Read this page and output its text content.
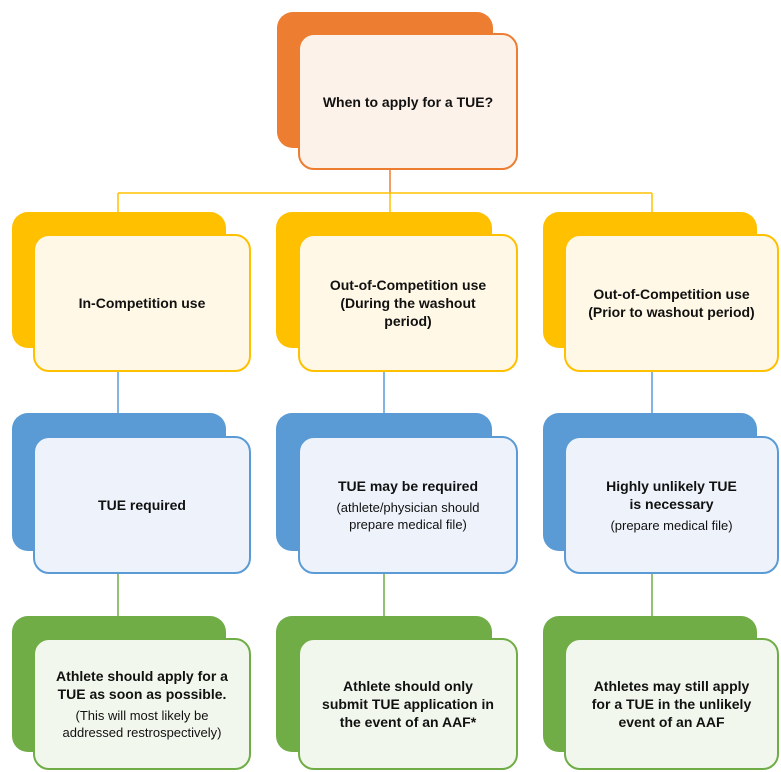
When to apply for a TUE?
In-Competition use
TUE required
Athlete should apply for a
TUE as soon as possible.
(This will most likely be
addressed restrospectively)
Out-of-Competition use
(During the washout
period)
TUE may be required
(athlete/physician should
prepare medical file)
Athlete should only
submit TUE application in
the event of an AAF*
Out-of-Competition use
(Prior to washout period)
Highly unlikely TUE
is necessary
(prepare medical file)
Athletes may still apply
for a TUE in the unlikely
event of an AAF
